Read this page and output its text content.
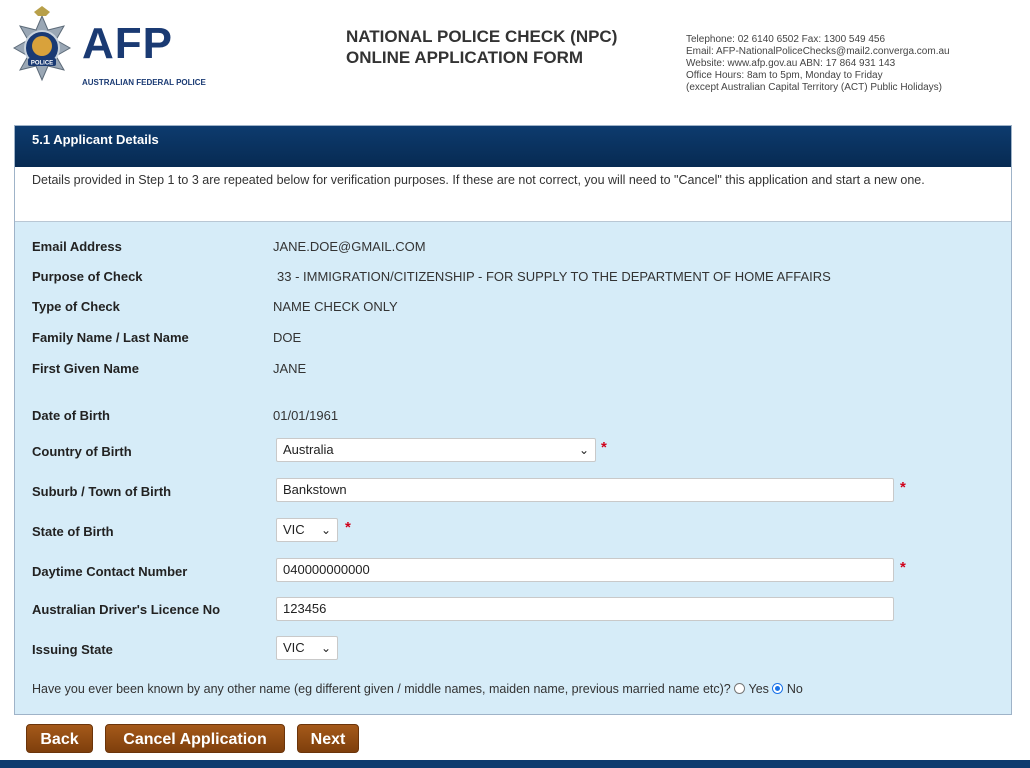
POLICE AFP
AUSTRALIAN FEDERAL POLICE
NATIONAL POLICE CHECK (NPC)
ONLINE APPLICATION FORM
Telephone: 02 6140 6502 Fax: 1300 549 456
Email: AFP-NationalPoliceChecks@mail2.converga.com.au
Website: www.afp.gov.au ABN: 17 864 931 143
Office Hours: 8am to 5pm, Monday to Friday
(except Australian Capital Territory (ACT) Public Holidays)
5.1 Applicant Details
Details provided in Step 1 to 3 are repeated below for verification purposes. If these are not correct, you will need to "Cancel" this application and start a new one.
Email Address	JANE.DOE@GMAIL.COM
Purpose of Check	33 - IMMIGRATION/CITIZENSHIP - FOR SUPPLY TO THE DEPARTMENT OF HOME AFFAIRS
Type of Check	NAME CHECK ONLY
Family Name / Last Name	DOE
First Given Name	JANE
Date of Birth	01/01/1961
Country of Birth	Australia	⌄ *
Suburb / Town of Birth	Bankstown	*
State of Birth	VIC ⌄ *
Daytime Contact Number	040000000000	*
Australian Driver's Licence No	123456
Issuing State	VIC ⌄
Have you ever been known by any other name (eg different given / middle names, maiden name, previous married name etc)? Yes No
Back	Cancel Application	Next
